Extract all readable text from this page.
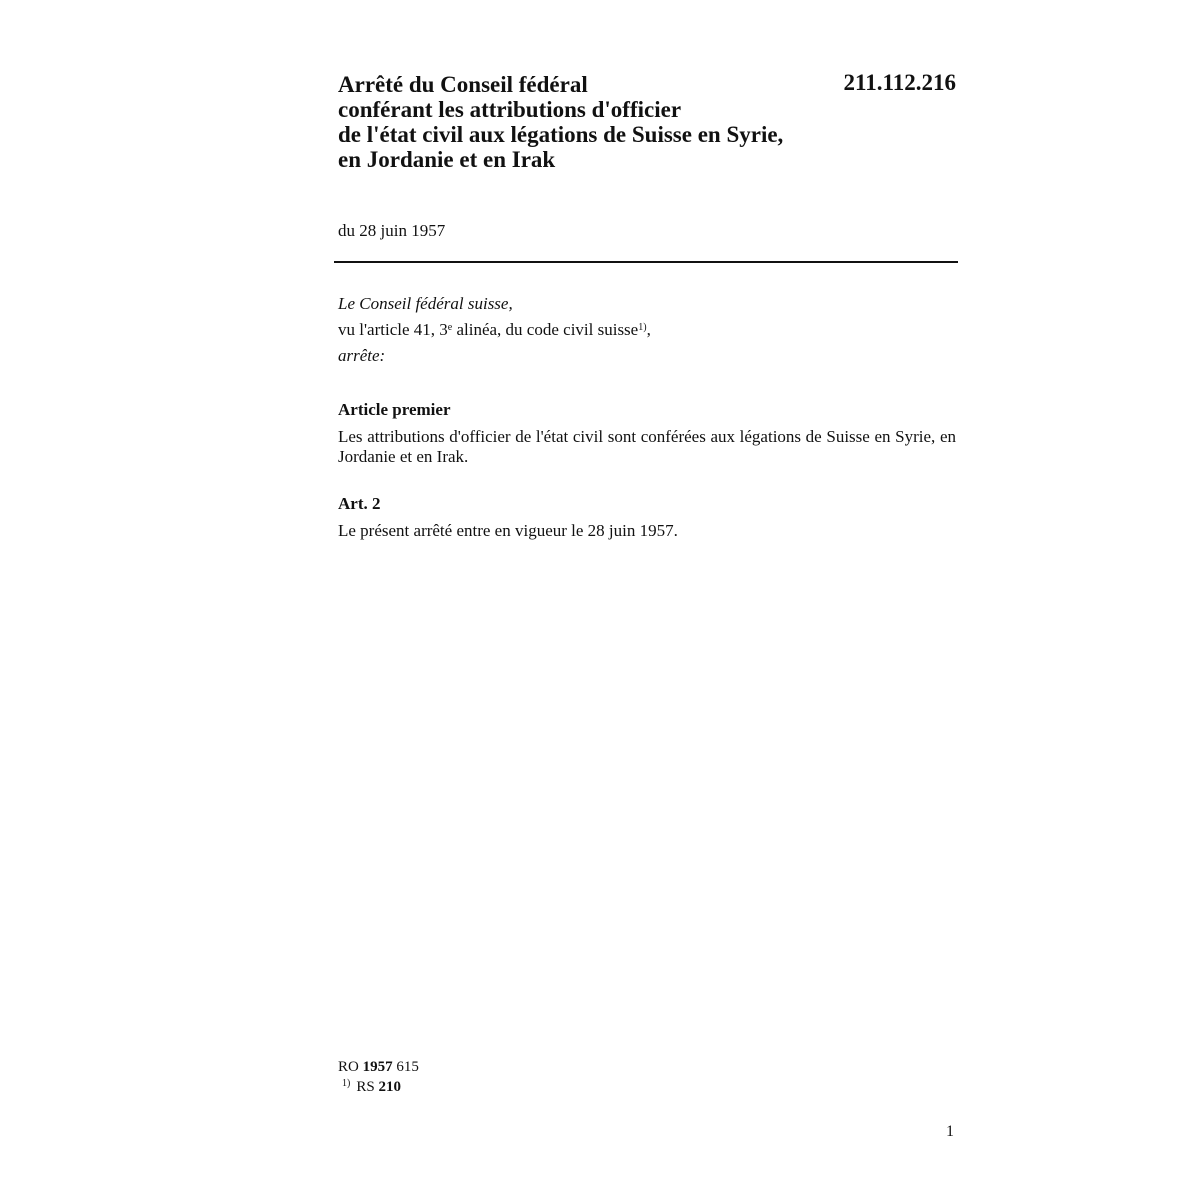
Arrêté du Conseil fédéral
conférant les attributions d'officier
de l'état civil aux légations de Suisse en Syrie,
en Jordanie et en Irak
211.112.216
du 28 juin 1957
Le Conseil fédéral suisse,
vu l'article 41, 3e alinéa, du code civil suisse$^{1)}$,
arrête:
Article premier
Les attributions d'officier de l'état civil sont conférées aux légations de Suisse en Syrie, en Jordanie et en Irak.
Art. 2
Le présent arrêté entre en vigueur le 28 juin 1957.
RO 1957 615
$^{1)}$ RS 210
1
